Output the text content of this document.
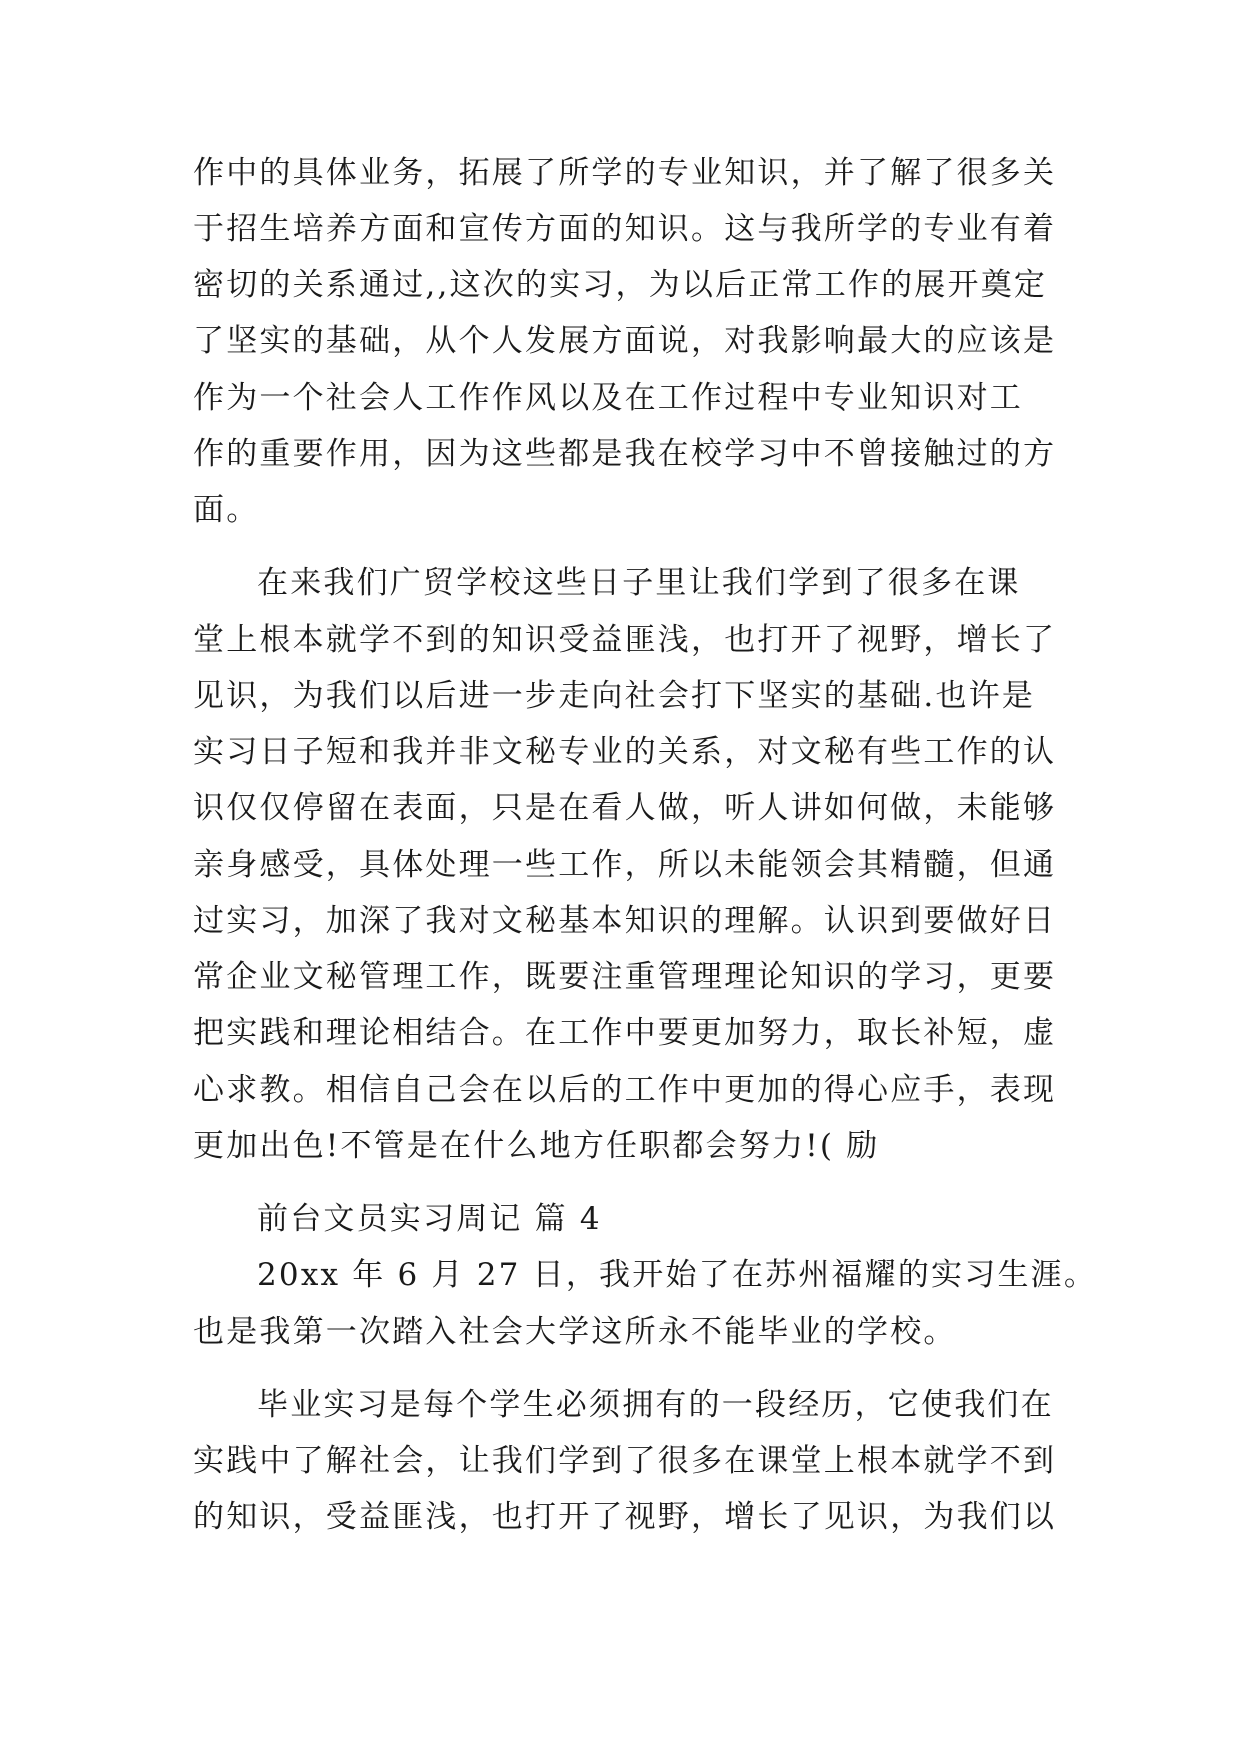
作中的具体业务，拓展了所学的专业知识，并了解了很多关
于招生培养方面和宣传方面的知识。这与我所学的专业有着
密切的关系通过,,这次的实习，为以后正常工作的展开奠定
了坚实的基础，从个人发展方面说，对我影响最大的应该是
作为一个社会人工作作风以及在工作过程中专业知识对工
作的重要作用，因为这些都是我在校学习中不曾接触过的方
面。
在来我们广贸学校这些日子里让我们学到了很多在课
堂上根本就学不到的知识受益匪浅，也打开了视野，增长了
见识，为我们以后进一步走向社会打下坚实的基础.也许是
实习日子短和我并非文秘专业的关系，对文秘有些工作的认
识仅仅停留在表面，只是在看人做，听人讲如何做，未能够
亲身感受，具体处理一些工作，所以未能领会其精髓，但通
过实习，加深了我对文秘基本知识的理解。认识到要做好日
常企业文秘管理工作，既要注重管理理论知识的学习，更要
把实践和理论相结合。在工作中要更加努力，取长补短，虚
心求教。相信自己会在以后的工作中更加的得心应手，表现
更加出色!不管是在什么地方任职都会努力!( 励
前台文员实习周记 篇 4
20xx 年 6 月 27 日，我开始了在苏州福耀的实习生涯。
也是我第一次踏入社会大学这所永不能毕业的学校。
毕业实习是每个学生必须拥有的一段经历，它使我们在
实践中了解社会，让我们学到了很多在课堂上根本就学不到
的知识，受益匪浅，也打开了视野，增长了见识，为我们以
